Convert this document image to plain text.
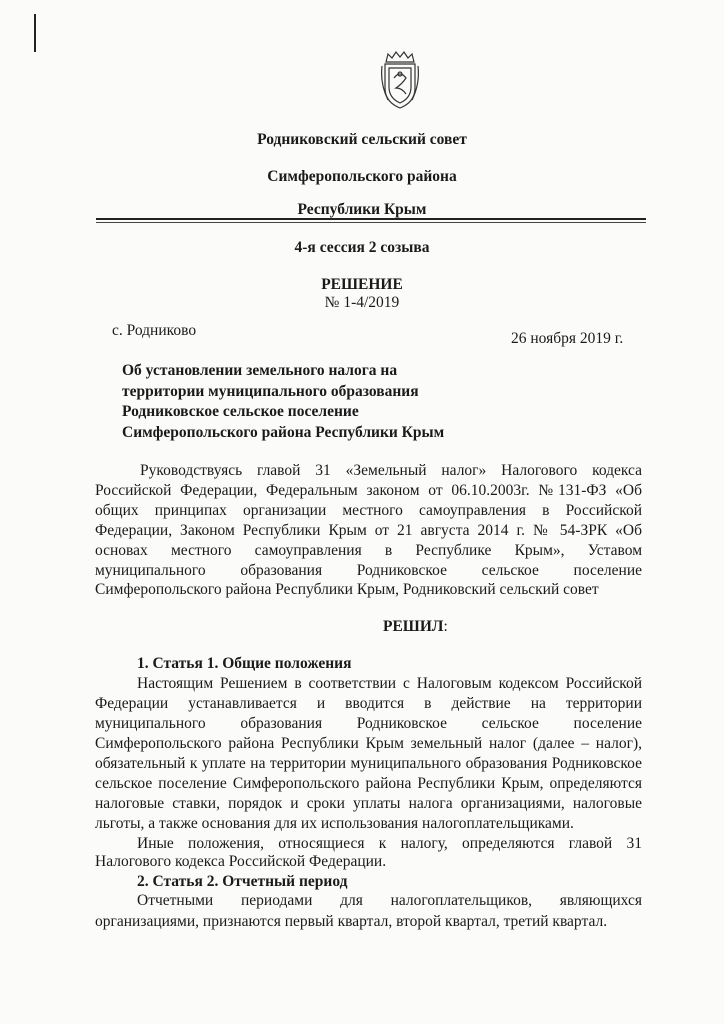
Родниковский сельский совет
Симферопольского района
Республики Крым
4-я сессия 2 созыва
РЕШЕНИЕ
№ 1-4/2019
с. Родниково	26 ноября 2019 г.
Об установлении земельного налога на
территории муниципального образования
Родниковское сельское поселение
Симферопольского района Республики Крым
Руководствуясь главой 31 «Земельный налог» Налогового кодекса
Российской Федерации, Федеральным законом от 06.10.2003г. №131-ФЗ «Об
общих принципах организации местного самоуправления в Российской
Федерации, Законом Республики Крым от 21 августа 2014 г. № 54-ЗРК «Об
основах местного самоуправления в Республике Крым», Уставом
муниципального образования Родниковское сельское поселение
Симферопольского района Республики Крым, Родниковский сельский совет
РЕШИЛ:
1. Статья 1. Общие положения
Настоящим Решением в соответствии с Налоговым кодексом Российской
Федерации устанавливается и вводится в действие на территории
муниципального образования Родниковское сельское поселение
Симферопольского района Республики Крым земельный налог (далее – налог),
обязательный к уплате на территории муниципального образования Родниковское
сельское поселение Симферопольского района Республики Крым, определяются
налоговые ставки, порядок и сроки уплаты налога организациями, налоговые
льготы, а также основания для их использования налогоплательщиками.
Иные положения, относящиеся к налогу, определяются главой 31
Налогового кодекса Российской Федерации.
2. Статья 2. Отчетный период
Отчетными периодами для налогоплательщиков, являющихся
организациями, признаются первый квартал, второй квартал, третий квартал.
